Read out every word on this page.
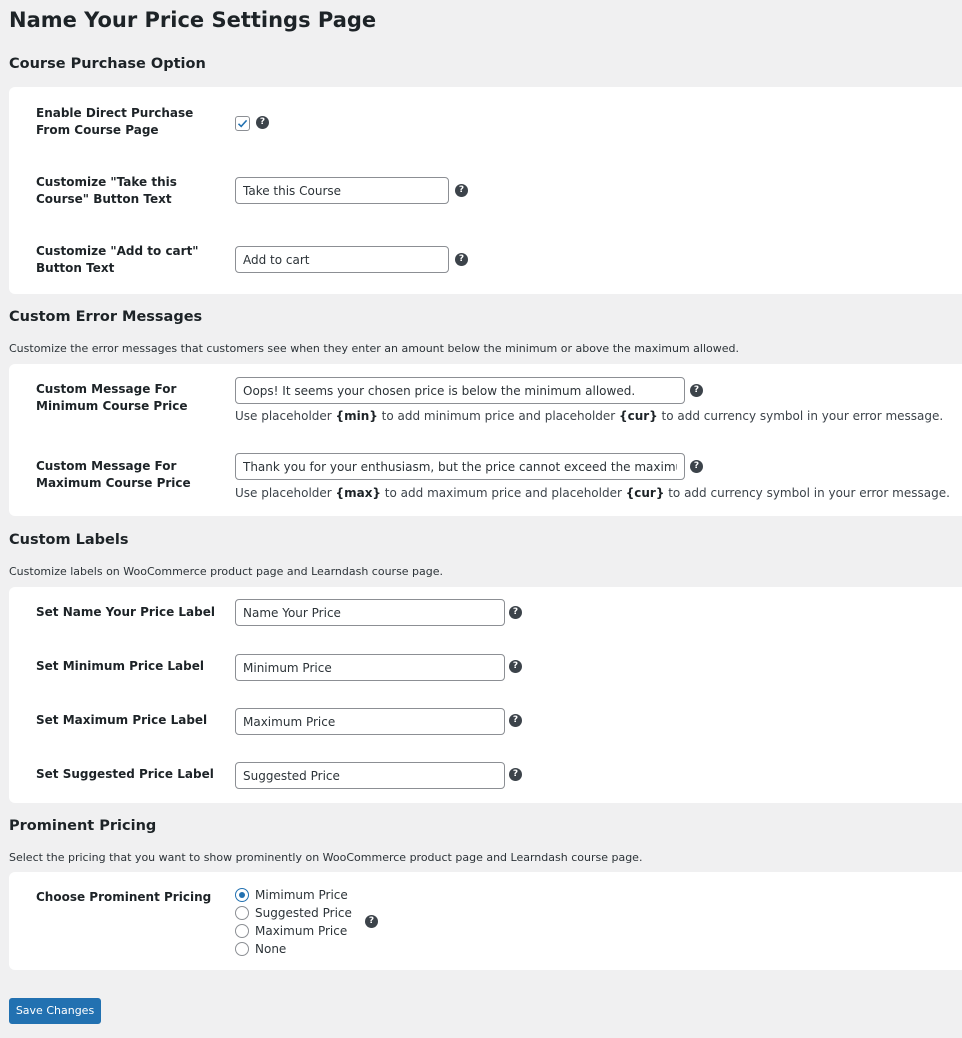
Name Your Price Settings Page
Course Purchase Option
Enable Direct Purchase From Course Page
?
Customize "Take this Course" Button Text
Take this Course
?
Customize "Add to cart" Button Text
Add to cart
?
Custom Error Messages
Customize the error messages that customers see when they enter an amount below the minimum or above the maximum allowed.
Custom Message For Minimum Course Price
Oops! It seems your chosen price is below the minimum allowed.
?
Use placeholder {min} to add minimum price and placeholder {cur} to add currency symbol in your error message.
Custom Message For Maximum Course Price
Thank you for your enthusiasm, but the price cannot exceed the maximum limit.
?
Use placeholder {max} to add maximum price and placeholder {cur} to add currency symbol in your error message.
Custom Labels
Customize labels on WooCommerce product page and Learndash course page.
Set Name Your Price Label
Name Your Price	?
Set Minimum Price Label
Minimum Price	?
Set Maximum Price Label
Maximum Price	?
Set Suggested Price Label
Suggested Price	?
Prominent Pricing
Select the pricing that you want to show prominently on WooCommerce product page and Learndash course page.
Choose Prominent Pricing	Mimimum Price
Suggested Price
Maximum Price
None
?
Save Changes
